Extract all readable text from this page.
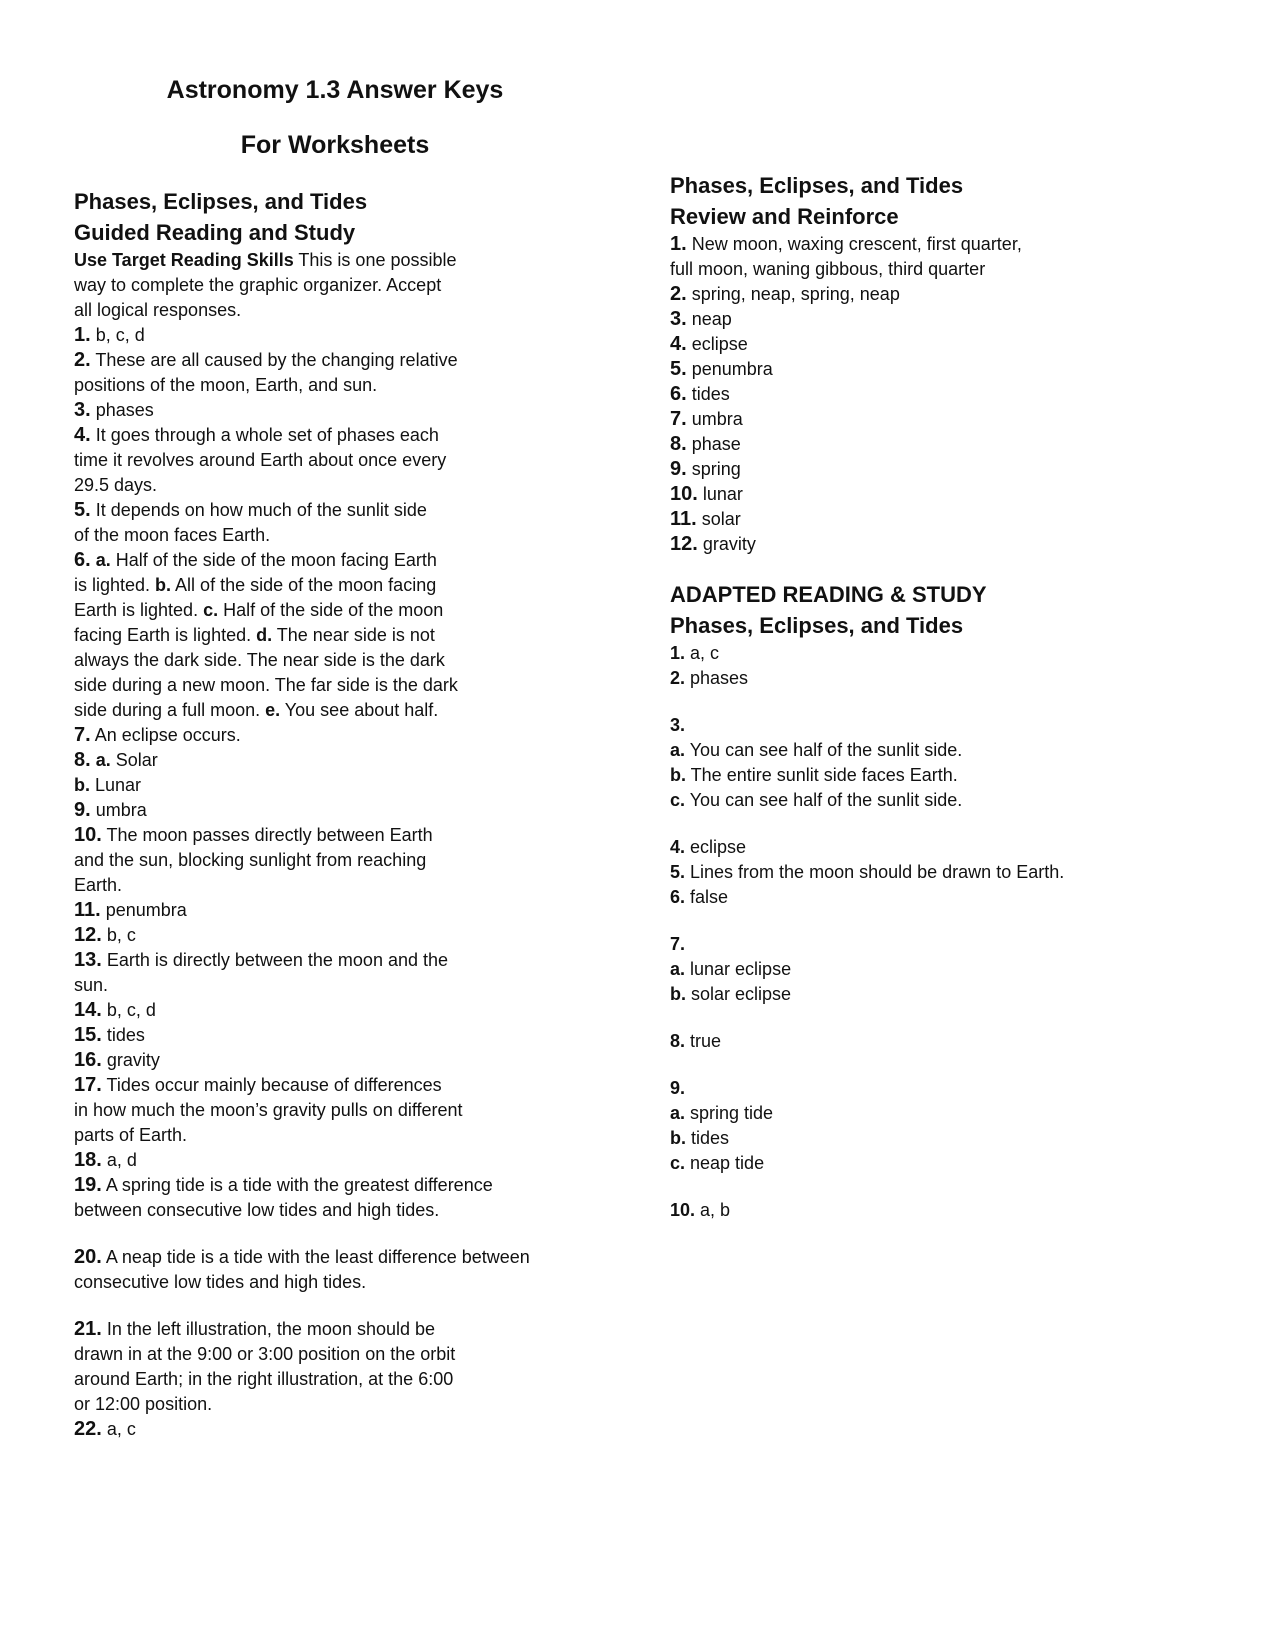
Astronomy 1.3 Answer Keys
For Worksheets
Phases, Eclipses, and Tides
Guided Reading and Study
Use Target Reading Skills This is one possible
way to complete the graphic organizer. Accept
all logical responses.
1. b, c, d
2. These are all caused by the changing relative
positions of the moon, Earth, and sun.
3. phases
4. It goes through a whole set of phases each
time it revolves around Earth about once every
29.5 days.
5. It depends on how much of the sunlit side
of the moon faces Earth.
6. a. Half of the side of the moon facing Earth
is lighted. b. All of the side of the moon facing
Earth is lighted. c. Half of the side of the moon
facing Earth is lighted. d. The near side is not
always the dark side. The near side is the dark
side during a new moon. The far side is the dark
side during a full moon. e. You see about half.
7. An eclipse occurs.
8. a. Solar
b. Lunar
9. umbra
10. The moon passes directly between Earth
and the sun, blocking sunlight from reaching
Earth.
11. penumbra
12. b, c
13. Earth is directly between the moon and the
sun.
14. b, c, d
15. tides
16. gravity
17. Tides occur mainly because of differences
in how much the moon’s gravity pulls on different
parts of Earth.
18. a, d
19. A spring tide is a tide with the greatest difference
between consecutive low tides and high tides.
20. A neap tide is a tide with the least difference between
consecutive low tides and high tides.
21. In the left illustration, the moon should be
drawn in at the 9:00 or 3:00 position on the orbit
around Earth; in the right illustration, at the 6:00
or 12:00 position.
22. a, c
Phases, Eclipses, and Tides
Review and Reinforce
1. New moon, waxing crescent, first quarter,
full moon, waning gibbous, third quarter
2. spring, neap, spring, neap
3. neap
4. eclipse
5. penumbra
6. tides
7. umbra
8. phase
9. spring
10. lunar
11. solar
12. gravity
ADAPTED READING & STUDY
Phases, Eclipses, and Tides
1. a, c
2. phases
3.
a. You can see half of the sunlit side.
b. The entire sunlit side faces Earth.
c. You can see half of the sunlit side.
4. eclipse
5. Lines from the moon should be drawn to Earth.
6. false
7.
a. lunar eclipse
b. solar eclipse
8. true
9.
a. spring tide
b. tides
c. neap tide
10. a, b
